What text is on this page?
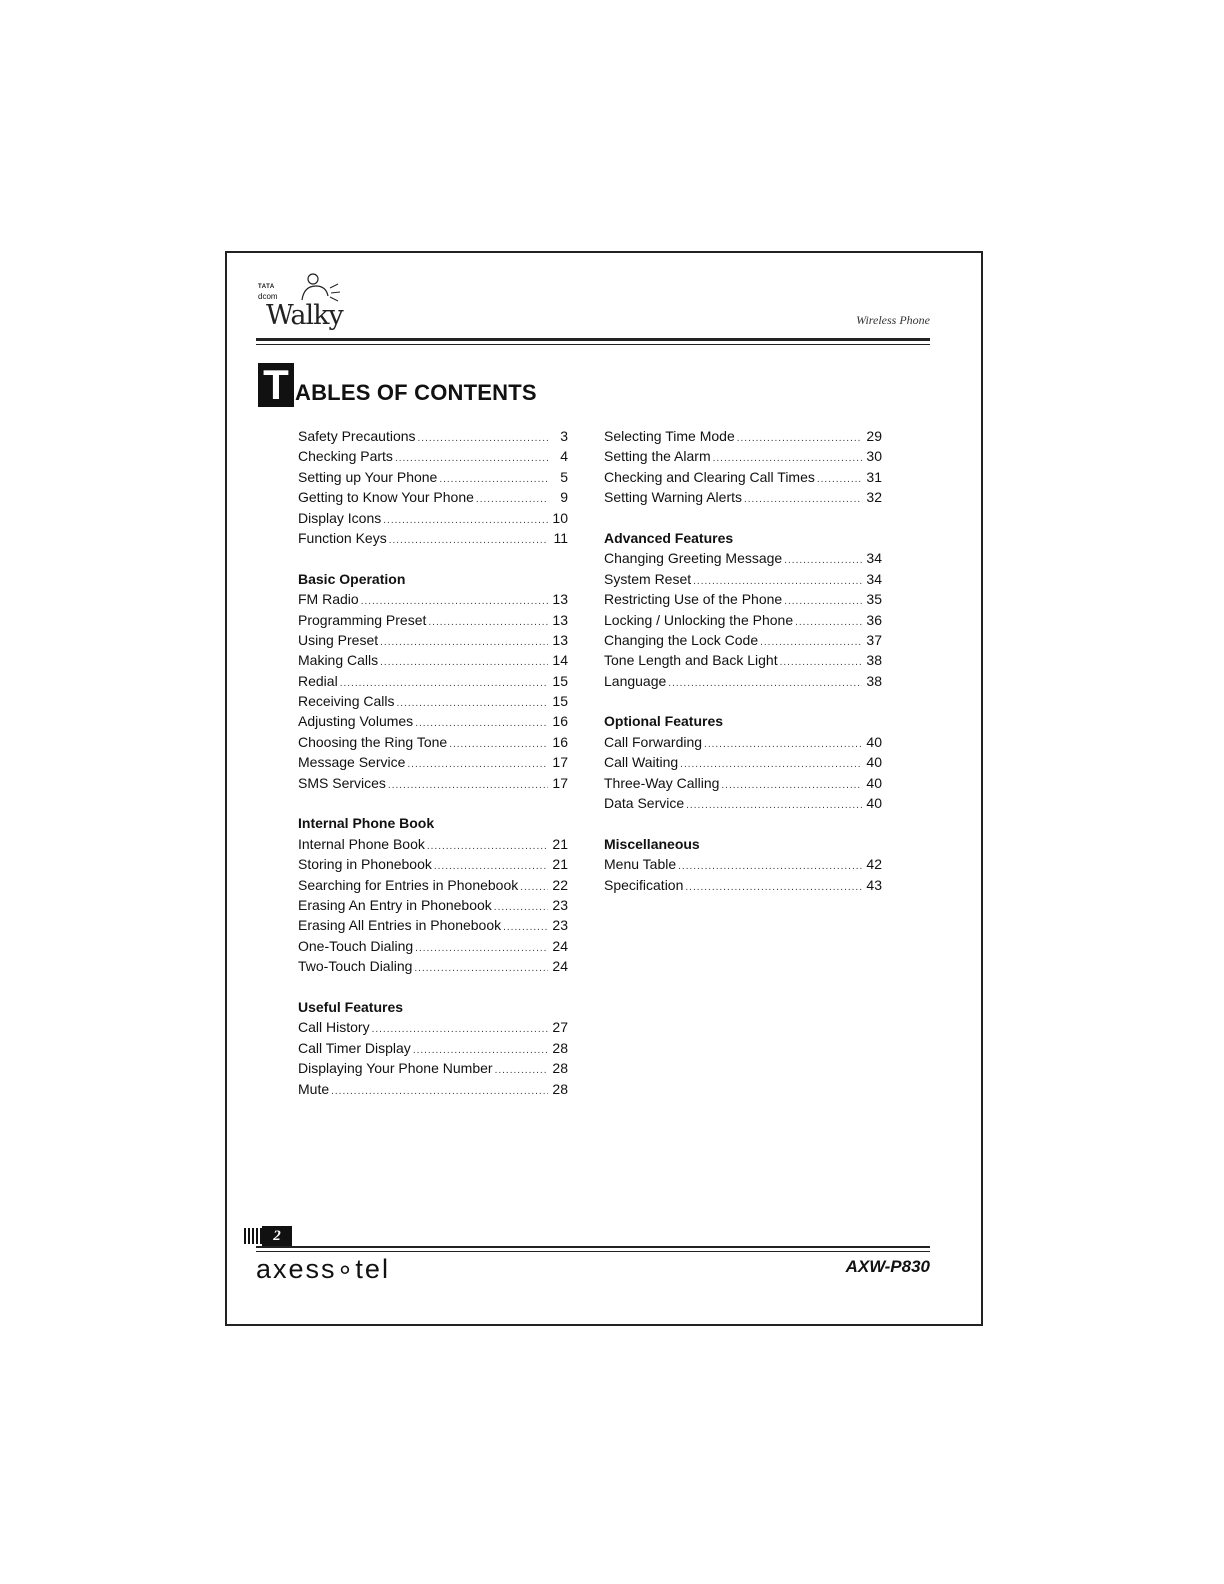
TATA
dcom
Walky	Wireless Phone
T ABLES OF CONTENTS
Safety Precautions .....	3
Checking Parts .....	4
Setting up Your Phone .....	5
Getting to Know Your Phone .....	9
Display Icons .....	10
Function Keys .....	11
Basic Operation
FM Radio .....	13
Programming Preset .....	13
Using Preset .....	13
Making Calls .....	14
Redial .....	15
Receiving Calls .....	15
Adjusting Volumes .....	16
Choosing the Ring Tone .....	16
Message Service .....	17
SMS Services .....	17
Internal Phone Book
Internal Phone Book .....	21
Storing in Phonebook .....	21
Searching for Entries in Phonebook ..... 22
Erasing An Entry in Phonebook .....	23
Erasing All Entries in Phonebook .....	23
One-Touch Dialing .....	24
Two-Touch Dialing .....	24
Useful Features
Call History .....	27
Call Timer Display .....	28
Displaying Your Phone Number .....	28
Mute .....	28
Selecting Time Mode .....	29
Setting the Alarm .....	30
Checking and Clearing Call Times .....	31
Setting Warning Alerts .....	32
Advanced Features
Changing Greeting Message .....	34
System Reset .....	34
Restricting Use of the Phone .....	35
Locking / Unlocking the Phone .....	36
Changing the Lock Code .....	37
Tone Length and Back Light .....	38
Language .....	38
Optional Features
Call Forwarding .....	40
Call Waiting .....	40
Three-Way Calling .....	40
Data Service .....	40
Miscellaneous
Menu Table .....	42
Specification .....	43
2
axess∘tel	AXW-P830
